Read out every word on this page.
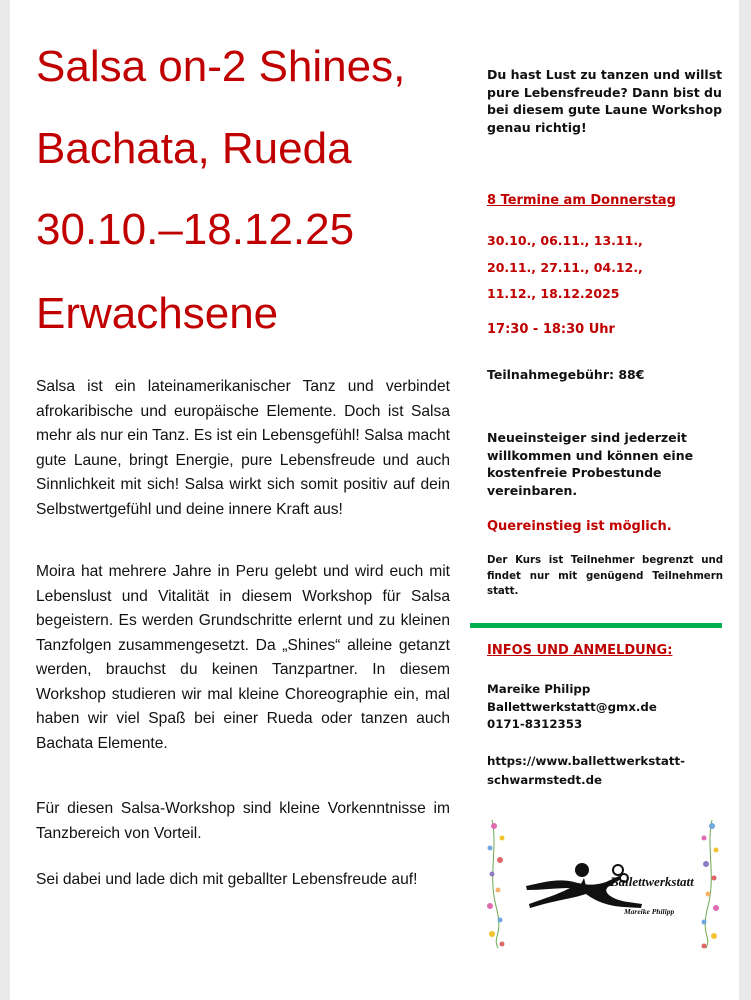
Salsa on-2 Shines,
Bachata, Rueda
30.10.–18.12.25
Erwachsene

Salsa ist ein lateinamerikanischer Tanz und verbindet afrokaribische und europäische Elemente. Doch ist Salsa mehr als nur ein Tanz. Es ist ein Lebensgefühl! Salsa macht gute Laune, bringt Energie, pure Lebensfreude und auch Sinnlichkeit mit sich! Salsa wirkt sich somit positiv auf dein Selbstwertgefühl und deine innere Kraft aus!

Moira hat mehrere Jahre in Peru gelebt und wird euch mit Lebenslust und Vitalität in diesem Workshop für Salsa begeistern. Es werden Grundschritte erlernt und zu kleinen Tanzfolgen zusammengesetzt. Da „Shines“ alleine getanzt werden, brauchst du keinen Tanzpartner. In diesem Workshop studieren wir mal kleine Choreographie ein, mal haben wir viel Spaß bei einer Rueda oder tanzen auch Bachata Elemente.

Für diesen Salsa-Workshop sind kleine Vorkenntnisse im Tanzbereich von Vorteil.

Sei dabei und lade dich mit geballter Lebensfreude auf!

Du hast Lust zu tanzen und willst pure Lebensfreude? Dann bist du bei diesem gute Laune Workshop genau richtig!

8 Termine am Donnerstag

30.10., 06.11., 13.11.,
20.11., 27.11., 04.12.,
11.12., 18.12.2025

17:30 - 18:30 Uhr

Teilnahmegebühr: 88€

Neueinsteiger sind jederzeit willkommen und können eine kostenfreie Probestunde vereinbaren.

Quereinstieg ist möglich.

Der Kurs ist Teilnehmer begrenzt und findet nur mit genügend Teilnehmern statt.

INFOS UND ANMELDUNG:

Mareike Philipp
Ballettwerkstatt@gmx.de
0171-8312353
https://www.ballettwerkstatt-
schwarmstedt.de
Ballettwerkstatt
Mareike Philipp
